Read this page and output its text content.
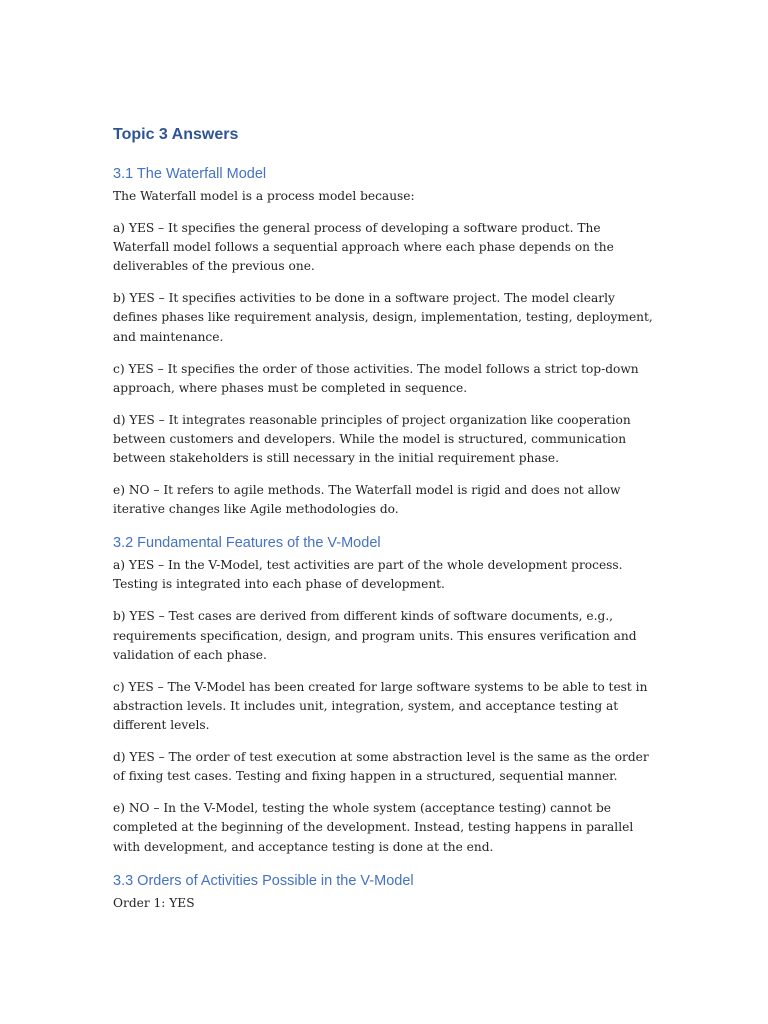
Topic 3 Answers
3.1 The Waterfall Model

The Waterfall model is a process model because:

a) YES – It specifies the general process of developing a software product. The Waterfall model follows a sequential approach where each phase depends on the deliverables of the previous one.

b) YES – It specifies activities to be done in a software project. The model clearly defines phases like requirement analysis, design, implementation, testing, deployment, and maintenance.

c) YES – It specifies the order of those activities. The model follows a strict top-down approach, where phases must be completed in sequence.

d) YES – It integrates reasonable principles of project organization like cooperation between customers and developers. While the model is structured, communication between stakeholders is still necessary in the initial requirement phase.

e) NO – It refers to agile methods. The Waterfall model is rigid and does not allow iterative changes like Agile methodologies do.

3.2 Fundamental Features of the V-Model

a) YES – In the V-Model, test activities are part of the whole development process. Testing is integrated into each phase of development.

b) YES – Test cases are derived from different kinds of software documents, e.g., requirements specification, design, and program units. This ensures verification and validation of each phase.

c) YES – The V-Model has been created for large software systems to be able to test in abstraction levels. It includes unit, integration, system, and acceptance testing at different levels.

d) YES – The order of test execution at some abstraction level is the same as the order of fixing test cases. Testing and fixing happen in a structured, sequential manner.

e) NO – In the V-Model, testing the whole system (acceptance testing) cannot be completed at the beginning of the development. Instead, testing happens in parallel with development, and acceptance testing is done at the end.

3.3 Orders of Activities Possible in the V-Model

Order 1: YES
